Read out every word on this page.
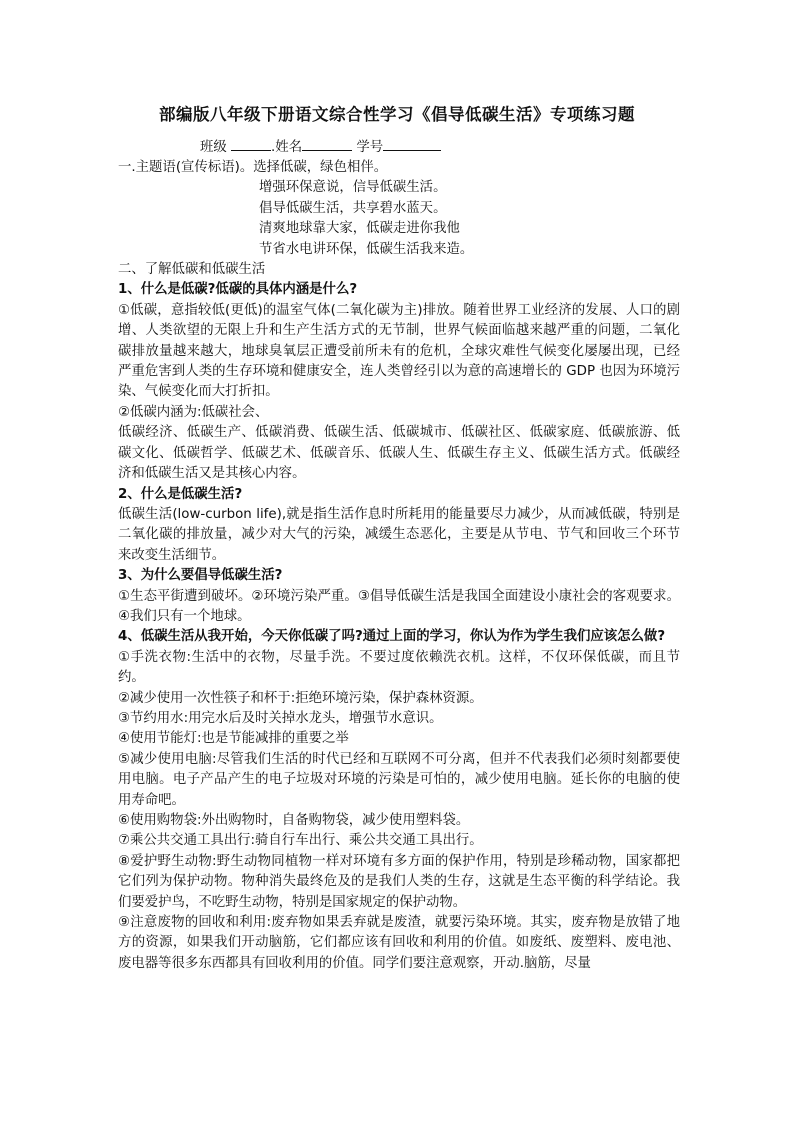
部编版八年级下册语文综合性学习《倡导低碳生活》专项练习题
班级	.姓名	学号

一.主题语(宣传标语)。选择低碳，绿色相伴。

增强环保意说，信导低碳生活。
倡导低碳生活，共享碧水蓝天。
清爽地球靠大家，低碳走进你我他
节省水电讲环保，低碳生活我来造。

二、了解低碳和低碳生活

1、什么是低碳?低碳的具体内涵是什么?

①低碳，意指较低(更低)的温室气体(二氧化碳为主)排放。随着世界工业经济的发展、人口的剧增、人类欲望的无限上升和生产生活方式的无节制，世界气候面临越来越严重的问题，二氧化碳排放量越来越大，地球臭氧层正遭受前所未有的危机，全球灾难性气候变化屡屡出现，已经严重危害到人类的生存环境和健康安全，连人类曾经引以为意的高速增长的 GDP 也因为环境污染、气候变化而大打折扣。

②低碳内涵为:低碳社会、

低碳经济、低碳生产、低碳消费、低碳生活、低碳城市、低碳社区、低碳家庭、低碳旅游、低碳文化、低碳哲学、低碳艺术、低碳音乐、低碳人生、低碳生存主义、低碳生活方式。低碳经济和低碳生活又是其核心内容。

2、什么是低碳生活?

低碳生活(low-curbon life),就是指生活作息时所耗用的能量要尽力减少，从而减低碳，特别是二氧化碳的排放量，减少对大气的污染，减缓生态恶化，主要是从节电、节气和回收三个环节来改变生活细节。

3、为什么要倡导低碳生活?

①生态平街遭到破坏。②环境污染严重。③倡导低碳生活是我国全面建设小康社会的客观要求。④我们只有一个地球。

4、低碳生活从我开始，今天你低碳了吗?通过上面的学习，你认为作为学生我们应该怎么做?

①手洗衣物:生活中的衣物，尽量手洗。不要过度依赖洗衣机。这样，不仅环保低碳，而且节约。

②减少使用一次性筷子和杯于:拒绝环境污染，保护森林资源。

③节约用水:用完水后及时关掉水龙头，增强节水意识。

④使用节能灯:也是节能减排的重要之举

⑤减少使用电脑:尽管我们生活的时代已经和互联网不可分离，但并不代表我们必须时刻都要使用电脑。电子产品产生的电子垃圾对环境的污染是可怕的，减少使用电脑。延长你的电脑的使用寿命吧。

⑥使用购物袋:外出购物时，自备购物袋，减少使用塑料袋。

⑦乘公共交通工具出行:骑自行车出行、乘公共交通工具出行。

⑧爱护野生动物:野生动物同植物一样对环境有多方面的保护作用，特别是珍稀动物，国家都把它们列为保护动物。物种消失最终危及的是我们人类的生存，这就是生态平衡的科学结论。我们要爱护鸟，不吃野生动物，特别是国家规定的保护动物。

⑨注意废物的回收和利用:废弃物如果丢弃就是废渣，就要污染环境。其实，废弃物是放错了地方的资源，如果我们开动脑筋，它们都应该有回收和利用的价值。如废纸、废塑料、废电池、废电器等很多东西都具有回收利用的价值。同学们要注意观察，开动.脑筋，尽量
